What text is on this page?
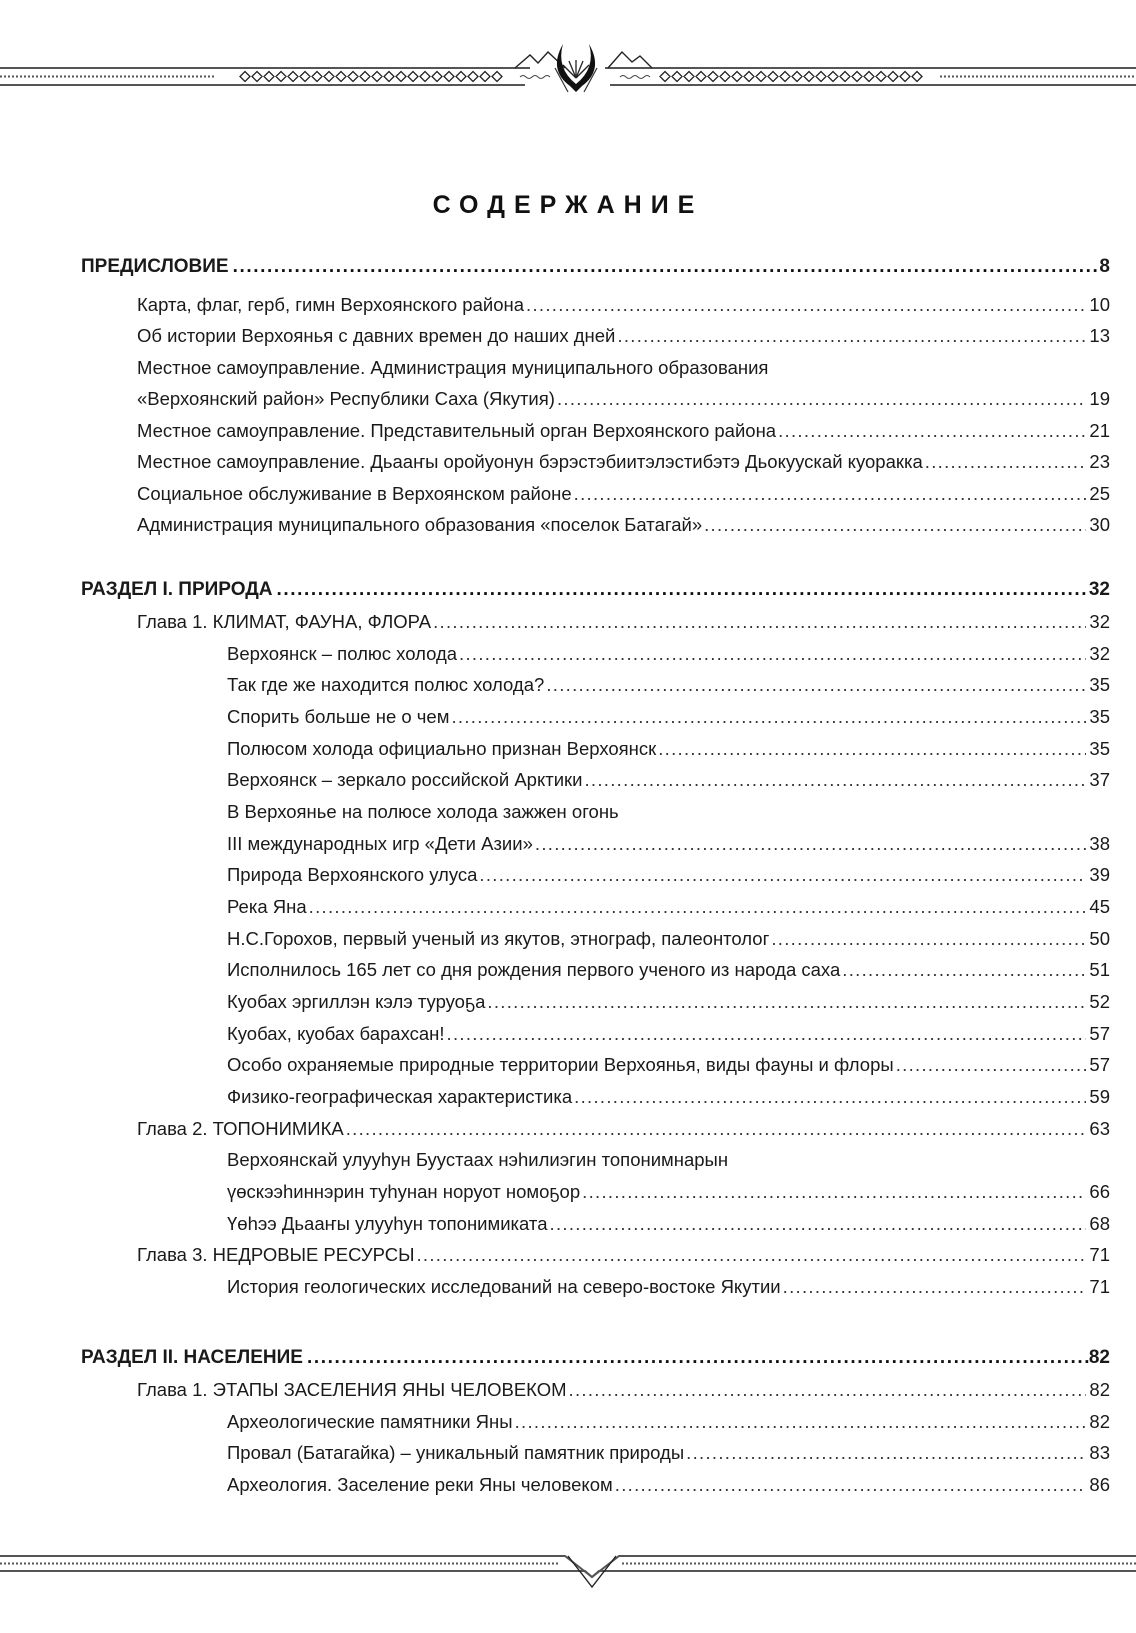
СОДЕРЖАНИЕ
ПРЕДИСЛОВИЕ .....	8
Карта, флаг, герб, гимн Верхоянского района .....	10
Об истории Верхоянья с давних времен до наших дней .....	13
Местное самоуправление. Администрация муниципального образования
«Верхоянский район» Республики Саха (Якутия) .....	19
Местное самоуправление. Представительный орган Верхоянского района .....	21
Местное самоуправление. Дьааҥы оройуонун бэрэстэбиитэлэстибэтэ Дьокуускай куоракка .....	23
Социальное обслуживание в Верхоянском районе .....	25
Администрация муниципального образования «поселок Батагай» .....	30
РАЗДЕЛ I. ПРИРОДА .....	32
Глава 1. КЛИМАТ, ФАУНА, ФЛОРА .....	32
Верхоянск – полюс холода .....	32
Так где же находится полюс холода? .....	35
Спорить больше не о чем .....	35
Полюсом холода официально признан Верхоянск .....	35
Верхоянск – зеркало российской Арктики .....	37
В Верхоянье на полюсе холода зажжен огонь
III международных игр «Дети Азии» .....	38
Природа Верхоянского улуса .....	39
Река Яна .....	45
Н.С.Горохов, первый ученый из якутов, этнограф, палеонтолог .....	50
Исполнилось 165 лет со дня рождения первого ученого из народа саха .....	51
Куобах эргиллэн кэлэ туруоҕа .....	52
Куобах, куобах барахсан! .....	57
Особо охраняемые природные территории Верхоянья, виды фауны и флоры .....	57
Физико-географическая характеристика .....	59
Глава 2. ТОПОНИМИКА .....	63
Верхоянскай улууһун Буустаах нэһилиэгин топонимнарын
үөскээһиннэрин туһунан норуот номоҕор .....	66
Үөһээ Дьааҥы улууһун топонимиката .....	68
Глава 3. НЕДРОВЫЕ РЕСУРСЫ .....	71
История геологических исследований на северо-востоке Якутии .....	71
РАЗДЕЛ II. НАСЕЛЕНИЕ .....	82
Глава 1. ЭТАПЫ ЗАСЕЛЕНИЯ ЯНЫ ЧЕЛОВЕКОМ .....	82
Археологические памятники Яны .....	82
Провал (Батагайка) – уникальный памятник природы .....	83
Археология. Заселение реки Яны человеком .....	86
